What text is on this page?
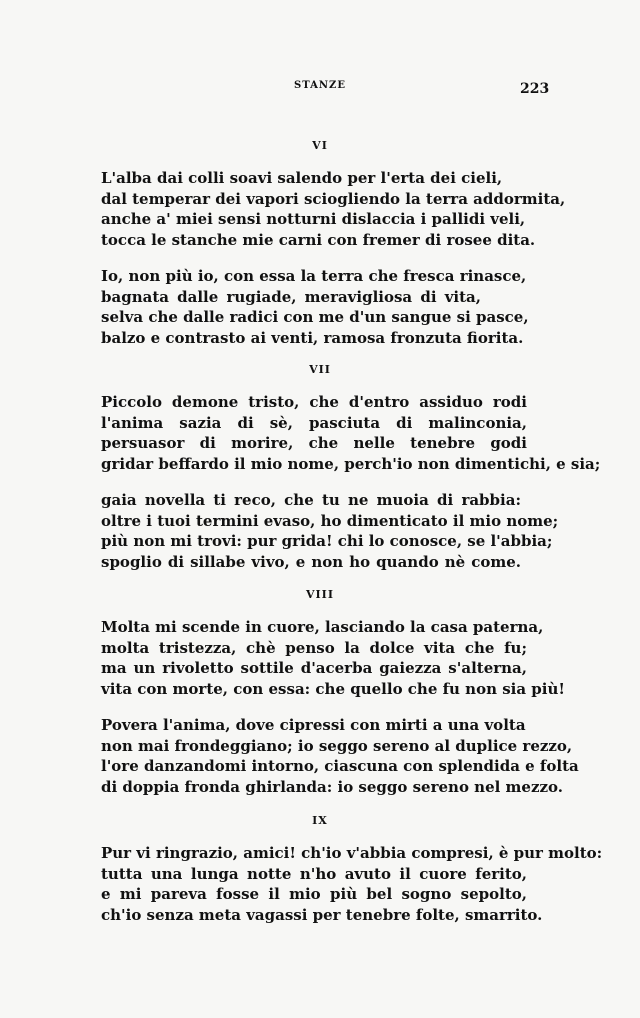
STANZE	223
VI
L'alba dai colli soavi salendo per l'erta dei cieli,
dal temperar dei vapori sciogliendo la terra addormita,
anche a' miei sensi notturni dislaccia i pallidi veli,
tocca le stanche mie carni con fremer di rosee dita.
Io, non più io, con essa la terra che fresca rinasce,
bagnata dalle rugiade, meravigliosa di vita,
selva che dalle radici con me d'un sangue si pasce,
balzo e contrasto ai venti, ramosa fronzuta fiorita.
VII
Piccolo demone tristo, che d'entro assiduo rodi
l'anima sazia di sè, pasciuta di malinconia,
persuasor di morire, che nelle tenebre godi
gridar beffardo il mio nome, perch'io non dimentichi, e sia;
gaia novella ti reco, che tu ne muoia di rabbia:
oltre i tuoi termini evaso, ho dimenticato il mio nome;
più non mi trovi: pur grida! chi lo conosce, se l'abbia;
spoglio di sillabe vivo, e non ho quando nè come.
VIII
Molta mi scende in cuore, lasciando la casa paterna,
molta tristezza, chè penso la dolce vita che fu;
ma un rivoletto sottile d'acerba gaiezza s'alterna,
vita con morte, con essa: che quello che fu non sia più!
Povera l'anima, dove cipressi con mirti a una volta
non mai frondeggiano; io seggo sereno al duplice rezzo,
l'ore danzandomi intorno, ciascuna con splendida e folta
di doppia fronda ghirlanda: io seggo sereno nel mezzo.
IX
Pur vi ringrazio, amici! ch'io v'abbia compresi, è pur molto:
tutta una lunga notte n'ho avuto il cuore ferito,
e mi pareva fosse il mio più bel sogno sepolto,
ch'io senza meta vagassi per tenebre folte, smarrito.
